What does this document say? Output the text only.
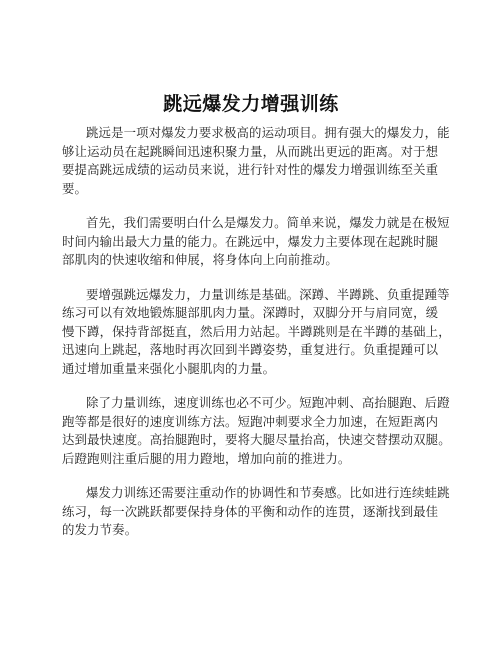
跳远爆发力增强训练
跳远是一项对爆发力要求极高的运动项目。拥有强大的爆发力，能
够让运动员在起跳瞬间迅速积聚力量，从而跳出更远的距离。对于想
要提高跳远成绩的运动员来说，进行针对性的爆发力增强训练至关重
要。
首先，我们需要明白什么是爆发力。简单来说，爆发力就是在极短
时间内输出最大力量的能力。在跳远中，爆发力主要体现在起跳时腿
部肌肉的快速收缩和伸展，将身体向上向前推动。
要增强跳远爆发力，力量训练是基础。深蹲、半蹲跳、负重提踵等
练习可以有效地锻炼腿部肌肉力量。深蹲时，双脚分开与肩同宽，缓
慢下蹲，保持背部挺直，然后用力站起。半蹲跳则是在半蹲的基础上，
迅速向上跳起，落地时再次回到半蹲姿势，重复进行。负重提踵可以
通过增加重量来强化小腿肌肉的力量。
除了力量训练，速度训练也必不可少。短跑冲刺、高抬腿跑、后蹬
跑等都是很好的速度训练方法。短跑冲刺要求全力加速，在短距离内
达到最快速度。高抬腿跑时，要将大腿尽量抬高，快速交替摆动双腿。
后蹬跑则注重后腿的用力蹬地，增加向前的推进力。
爆发力训练还需要注重动作的协调性和节奏感。比如进行连续蛙跳
练习，每一次跳跃都要保持身体的平衡和动作的连贯，逐渐找到最佳
的发力节奏。
